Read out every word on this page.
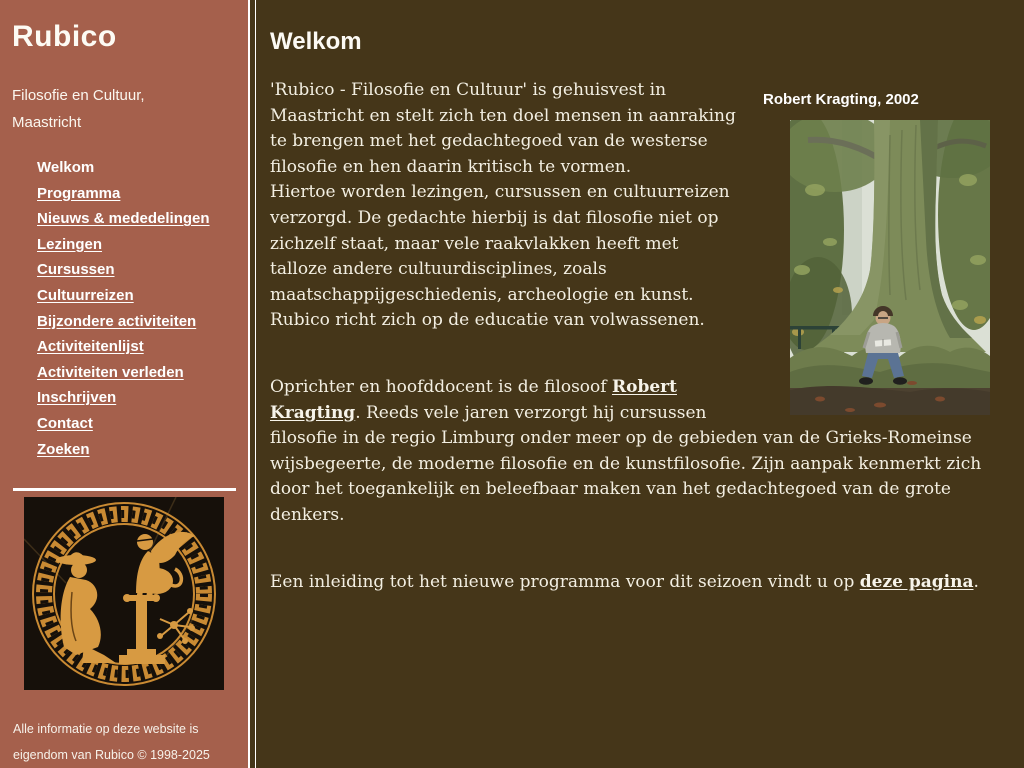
Rubico
Filosofie en Cultuur, Maastricht
Welkom
Programma
Nieuws & mededelingen
Lezingen
Cursussen
Cultuurreizen
Bijzondere activiteiten
Activiteitenlijst
Activiteiten verleden
Inschrijven
Contact
Zoeken
Alle informatie op deze website is eigendom van Rubico © 1998-2025
Welkom
Robert Kragting, 2002

'Rubico - Filosofie en Cultuur' is gehuisvest in Maastricht en stelt zich ten doel mensen in aanraking te brengen met het gedachtegoed van de westerse filosofie en hen daarin kritisch te vormen.
Hiertoe worden lezingen, cursussen en cultuurreizen verzorgd. De gedachte hierbij is dat filosofie niet op zichzelf staat, maar vele raakvlakken heeft met talloze andere cultuurdisciplines, zoals maatschappijgeschiedenis, archeologie en kunst. Rubico richt zich op de educatie van volwassenen.

Oprichter en hoofddocent is de filosoof Robert Kragting. Reeds vele jaren verzorgt hij cursussen filosofie in de regio Limburg onder meer op de gebieden van de Grieks-Romeinse wijsbegeerte, de moderne filosofie en de kunstfilosofie. Zijn aanpak kenmerkt zich door het toegankelijk en beleefbaar maken van het gedachtegoed van de grote denkers.

Een inleiding tot het nieuwe programma voor dit seizoen vindt u op deze pagina.
